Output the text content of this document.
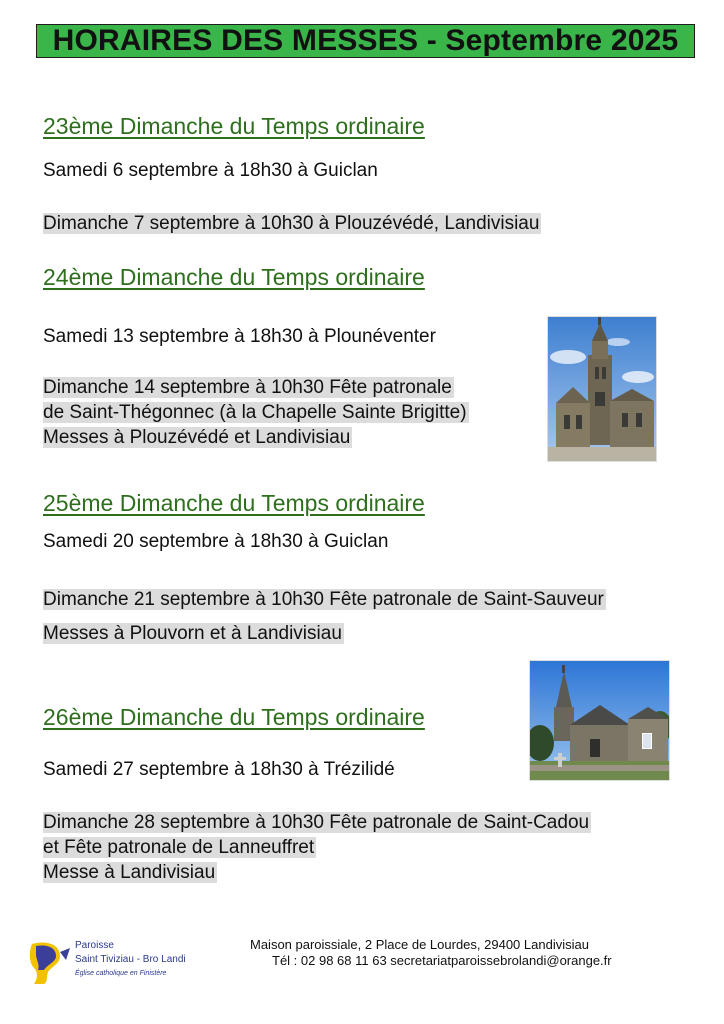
HORAIRES DES MESSES - Septembre 2025
23ème Dimanche du Temps ordinaire
Samedi 6 septembre à 18h30 à Guiclan
Dimanche 7 septembre à 10h30 à Plouzévédé, Landivisiau
24ème Dimanche du Temps ordinaire
Samedi 13 septembre à 18h30 à Plounéventer
Dimanche 14 septembre à 10h30 Fête patronale
de Saint-Thégonnec (à la Chapelle Sainte Brigitte)
Messes à Plouzévédé et Landivisiau
25ème Dimanche du Temps ordinaire
Samedi 20 septembre à 18h30 à Guiclan
Dimanche 21 septembre à 10h30 Fête patronale de Saint-Sauveur
Messes à Plouvorn et à Landivisiau
26ème Dimanche du Temps ordinaire
Samedi 27 septembre à 18h30 à Trézilidé
Dimanche 28 septembre à 10h30 Fête patronale de Saint-Cadou
et Fête patronale de Lanneuffret
Messe à Landivisiau
Paroisse
Saint Tiviziau - Bro Landi
Église catholique en Finistère
Maison paroissiale, 2 Place de Lourdes, 29400 Landivisiau
Tél : 02 98 68 11 63 secretariatparoissebrolandi@orange.fr
